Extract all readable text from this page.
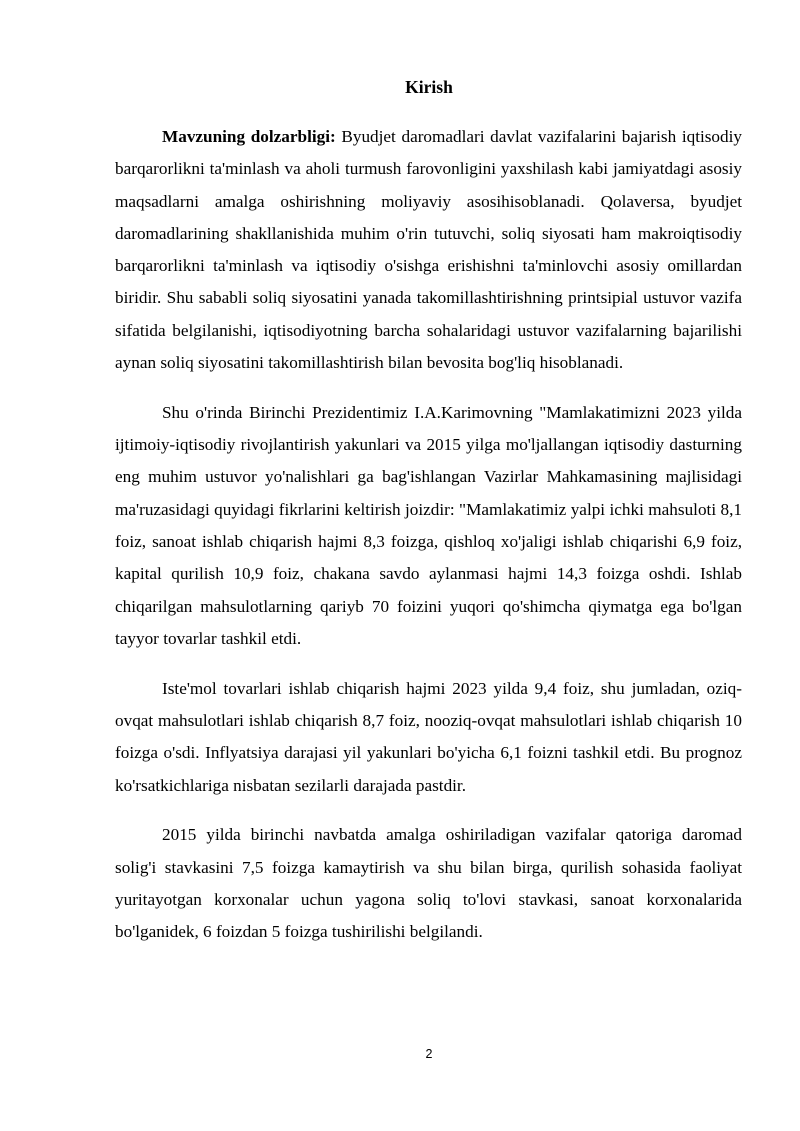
Kirish

Mavzuning dolzarbligi: Byudjet daromadlari davlat vazifalarini bajarish iqtisodiy barqarorlikni ta'minlash va aholi turmush farovonligini yaxshilash kabi jamiyatdagi asosiy maqsadlarni amalga oshirishning moliyaviy asosihisoblanadi. Qolaversa, byudjet daromadlarining shakllanishida muhim o'rin tutuvchi, soliq siyosati ham makroiqtisodiy barqarorlikni ta'minlash va iqtisodiy o'sishga erishishni ta'minlovchi asosiy omillardan biridir. Shu sababli soliq siyosatini yanada takomillashtirishning printsipial ustuvor vazifa sifatida belgilanishi, iqtisodiyotning barcha sohalaridagi ustuvor vazifalarning bajarilishi aynan soliq siyosatini takomillashtirish bilan bevosita bog'liq hisoblanadi.

Shu o'rinda Birinchi Prezidentimiz I.A.Karimovning "Mamlakatimizni 2023 yilda ijtimoiy-iqtisodiy rivojlantirish yakunlari va 2015 yilga mo'ljallangan iqtisodiy dasturning eng muhim ustuvor yo'nalishlari ga bag'ishlangan Vazirlar Mahkamasining majlisidagi ma'ruzasidagi quyidagi fikrlarini keltirish joizdir: "Mamlakatimiz yalpi ichki mahsuloti 8,1 foiz, sanoat ishlab chiqarish hajmi 8,3 foizga, qishloq xo'jaligi ishlab chiqarishi 6,9 foiz, kapital qurilish 10,9 foiz, chakana savdo aylanmasi hajmi 14,3 foizga oshdi. Ishlab chiqarilgan mahsulotlarning qariyb 70 foizini yuqori qo'shimcha qiymatga ega bo'lgan tayyor tovarlar tashkil etdi.

Iste'mol tovarlari ishlab chiqarish hajmi 2023 yilda 9,4 foiz, shu jumladan, oziq-ovqat mahsulotlari ishlab chiqarish 8,7 foiz, nooziq-ovqat mahsulotlari ishlab chiqarish 10 foizga o'sdi. Inflyatsiya darajasi yil yakunlari bo'yicha 6,1 foizni tashkil etdi. Bu prognoz ko'rsatkichlariga nisbatan sezilarli darajada pastdir.

2015 yilda birinchi navbatda amalga oshiriladigan vazifalar qatoriga daromad solig'i stavkasini 7,5 foizga kamaytirish va shu bilan birga, qurilish sohasida faoliyat yuritayotgan korxonalar uchun yagona soliq to'lovi stavkasi, sanoat korxonalarida bo'lganidek, 6 foizdan 5 foizga tushirilishi belgilandi.

2
